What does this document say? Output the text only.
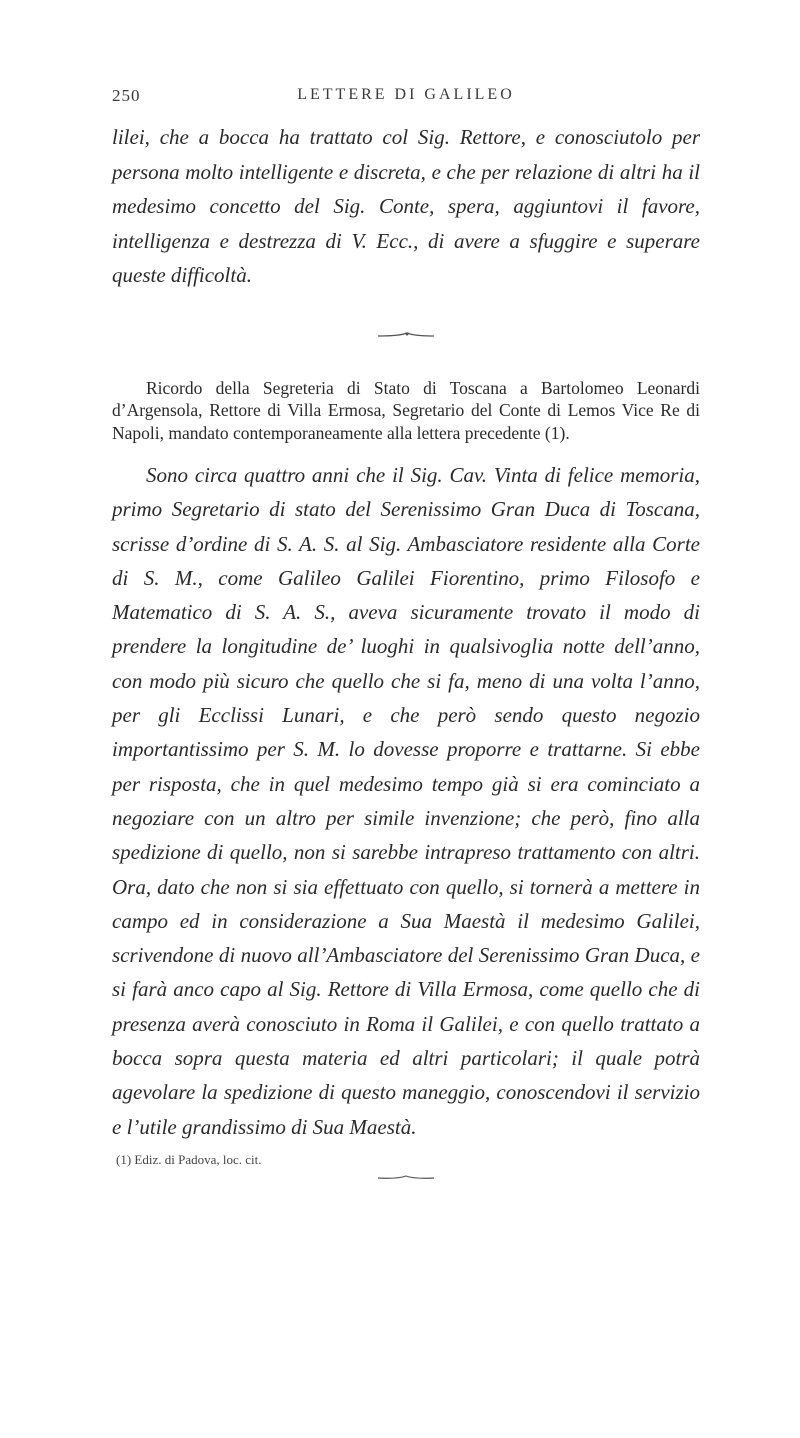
250	LETTERE DI GALILEO

lilei, che a bocca ha trattato col Sig. Rettore, e conosciutolo per persona molto intelligente e discreta, e che per relazione di altri ha il medesimo concetto del Sig. Conte, spera, aggiuntovi il favore, intelligenza e destrezza di V. Ecc., di avere a sfuggire e superare queste difficoltà.

Ricordo della Segreteria di Stato di Toscana a Bartolomeo Leonardi d’Argensola, Rettore di Villa Ermosa, Segretario del Conte di Lemos Vice Re di Napoli, mandato contemporaneamente alla lettera precedente (1).

Sono circa quattro anni che il Sig. Cav. Vinta di felice memoria, primo Segretario di stato del Serenissimo Gran Duca di Toscana, scrisse d’ordine di S. A. S. al Sig. Ambasciatore residente alla Corte di S. M., come Galileo Galilei Fiorentino, primo Filosofo e Matematico di S. A. S., aveva sicuramente trovato il modo di prendere la longitudine de’ luoghi in qualsivoglia notte dell’anno, con modo più sicuro che quello che si fa, meno di una volta l’anno, per gli Ecclissi Lunari, e che però sendo questo negozio importantissimo per S. M. lo dovesse proporre e trattarne. Si ebbe per risposta, che in quel medesimo tempo già si era cominciato a negoziare con un altro per simile invenzione; che però, fino alla spedizione di quello, non si sarebbe intrapreso trattamento con altri. Ora, dato che non si sia effettuato con quello, si tornerà a mettere in campo ed in considerazione a Sua Maestà il medesimo Galilei, scrivendone di nuovo all’Ambasciatore del Serenissimo Gran Duca, e si farà anco capo al Sig. Rettore di Villa Ermosa, come quello che di presenza averà conosciuto in Roma il Galilei, e con quello trattato a bocca sopra questa materia ed altri particolari; il quale potrà agevolare la spedizione di questo maneggio, conoscendovi il servizio e l’utile grandissimo di Sua Maestà.

(1) Ediz. di Padova, loc. cit.
